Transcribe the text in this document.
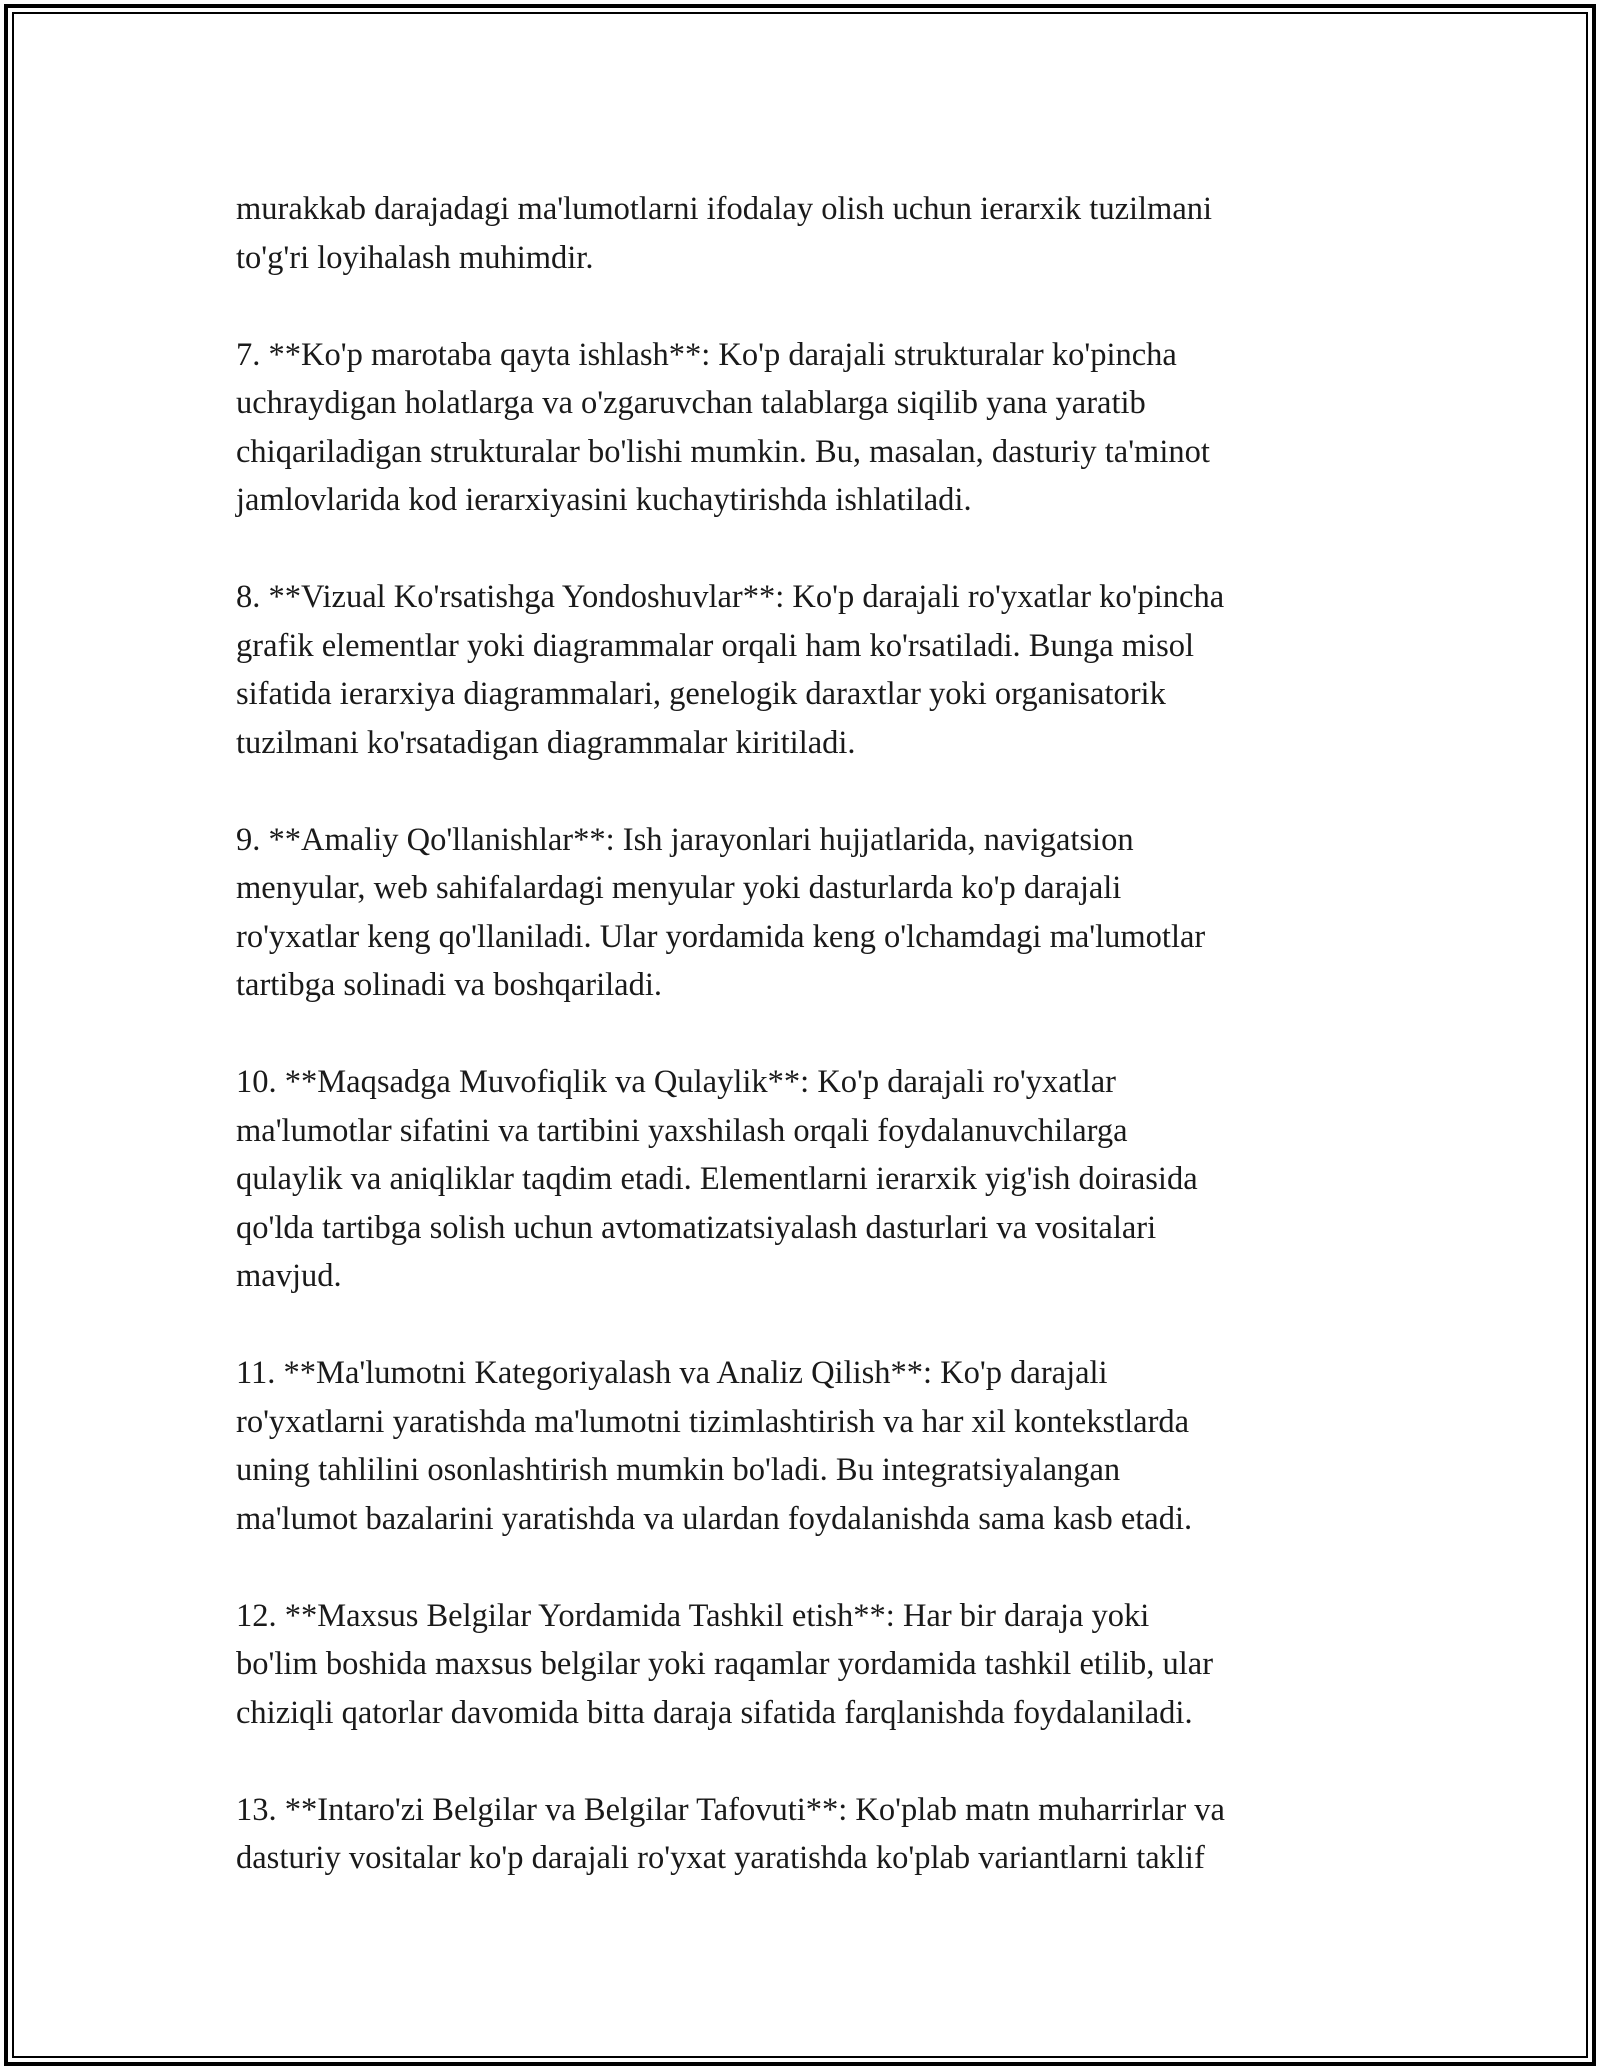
murakkab darajadagi ma'lumotlarni ifodalay olish uchun ierarxik tuzilmani
to'g'ri loyihalash muhimdir.

7. **Ko'p marotaba qayta ishlash**: Ko'p darajali strukturalar ko'pincha
uchraydigan holatlarga va o'zgaruvchan talablarga siqilib yana yaratib
chiqariladigan strukturalar bo'lishi mumkin. Bu, masalan, dasturiy ta'minot
jamlovlarida kod ierarxiyasini kuchaytirishda ishlatiladi.

8. **Vizual Ko'rsatishga Yondoshuvlar**: Ko'p darajali ro'yxatlar ko'pincha
grafik elementlar yoki diagrammalar orqali ham ko'rsatiladi. Bunga misol
sifatida ierarxiya diagrammalari, genelogik daraxtlar yoki organisatorik
tuzilmani ko'rsatadigan diagrammalar kiritiladi.

9. **Amaliy Qo'llanishlar**: Ish jarayonlari hujjatlarida, navigatsion
menyular, web sahifalardagi menyular yoki dasturlarda ko'p darajali
ro'yxatlar keng qo'llaniladi. Ular yordamida keng o'lchamdagi ma'lumotlar
tartibga solinadi va boshqariladi.

10. **Maqsadga Muvofiqlik va Qulaylik**: Ko'p darajali ro'yxatlar
ma'lumotlar sifatini va tartibini yaxshilash orqali foydalanuvchilarga
qulaylik va aniqliklar taqdim etadi. Elementlarni ierarxik yig'ish doirasida
qo'lda tartibga solish uchun avtomatizatsiyalash dasturlari va vositalari
mavjud.

11. **Ma'lumotni Kategoriyalash va Analiz Qilish**: Ko'p darajali
ro'yxatlarni yaratishda ma'lumotni tizimlashtirish va har xil kontekstlarda
uning tahlilini osonlashtirish mumkin bo'ladi. Bu integratsiyalangan
ma'lumot bazalarini yaratishda va ulardan foydalanishda sama kasb etadi.

12. **Maxsus Belgilar Yordamida Tashkil etish**: Har bir daraja yoki
bo'lim boshida maxsus belgilar yoki raqamlar yordamida tashkil etilib, ular
chiziqli qatorlar davomida bitta daraja sifatida farqlanishda foydalaniladi.

13. **Intaro'zi Belgilar va Belgilar Tafovuti**: Ko'plab matn muharrirlar va
dasturiy vositalar ko'p darajali ro'yxat yaratishda ko'plab variantlarni taklif
